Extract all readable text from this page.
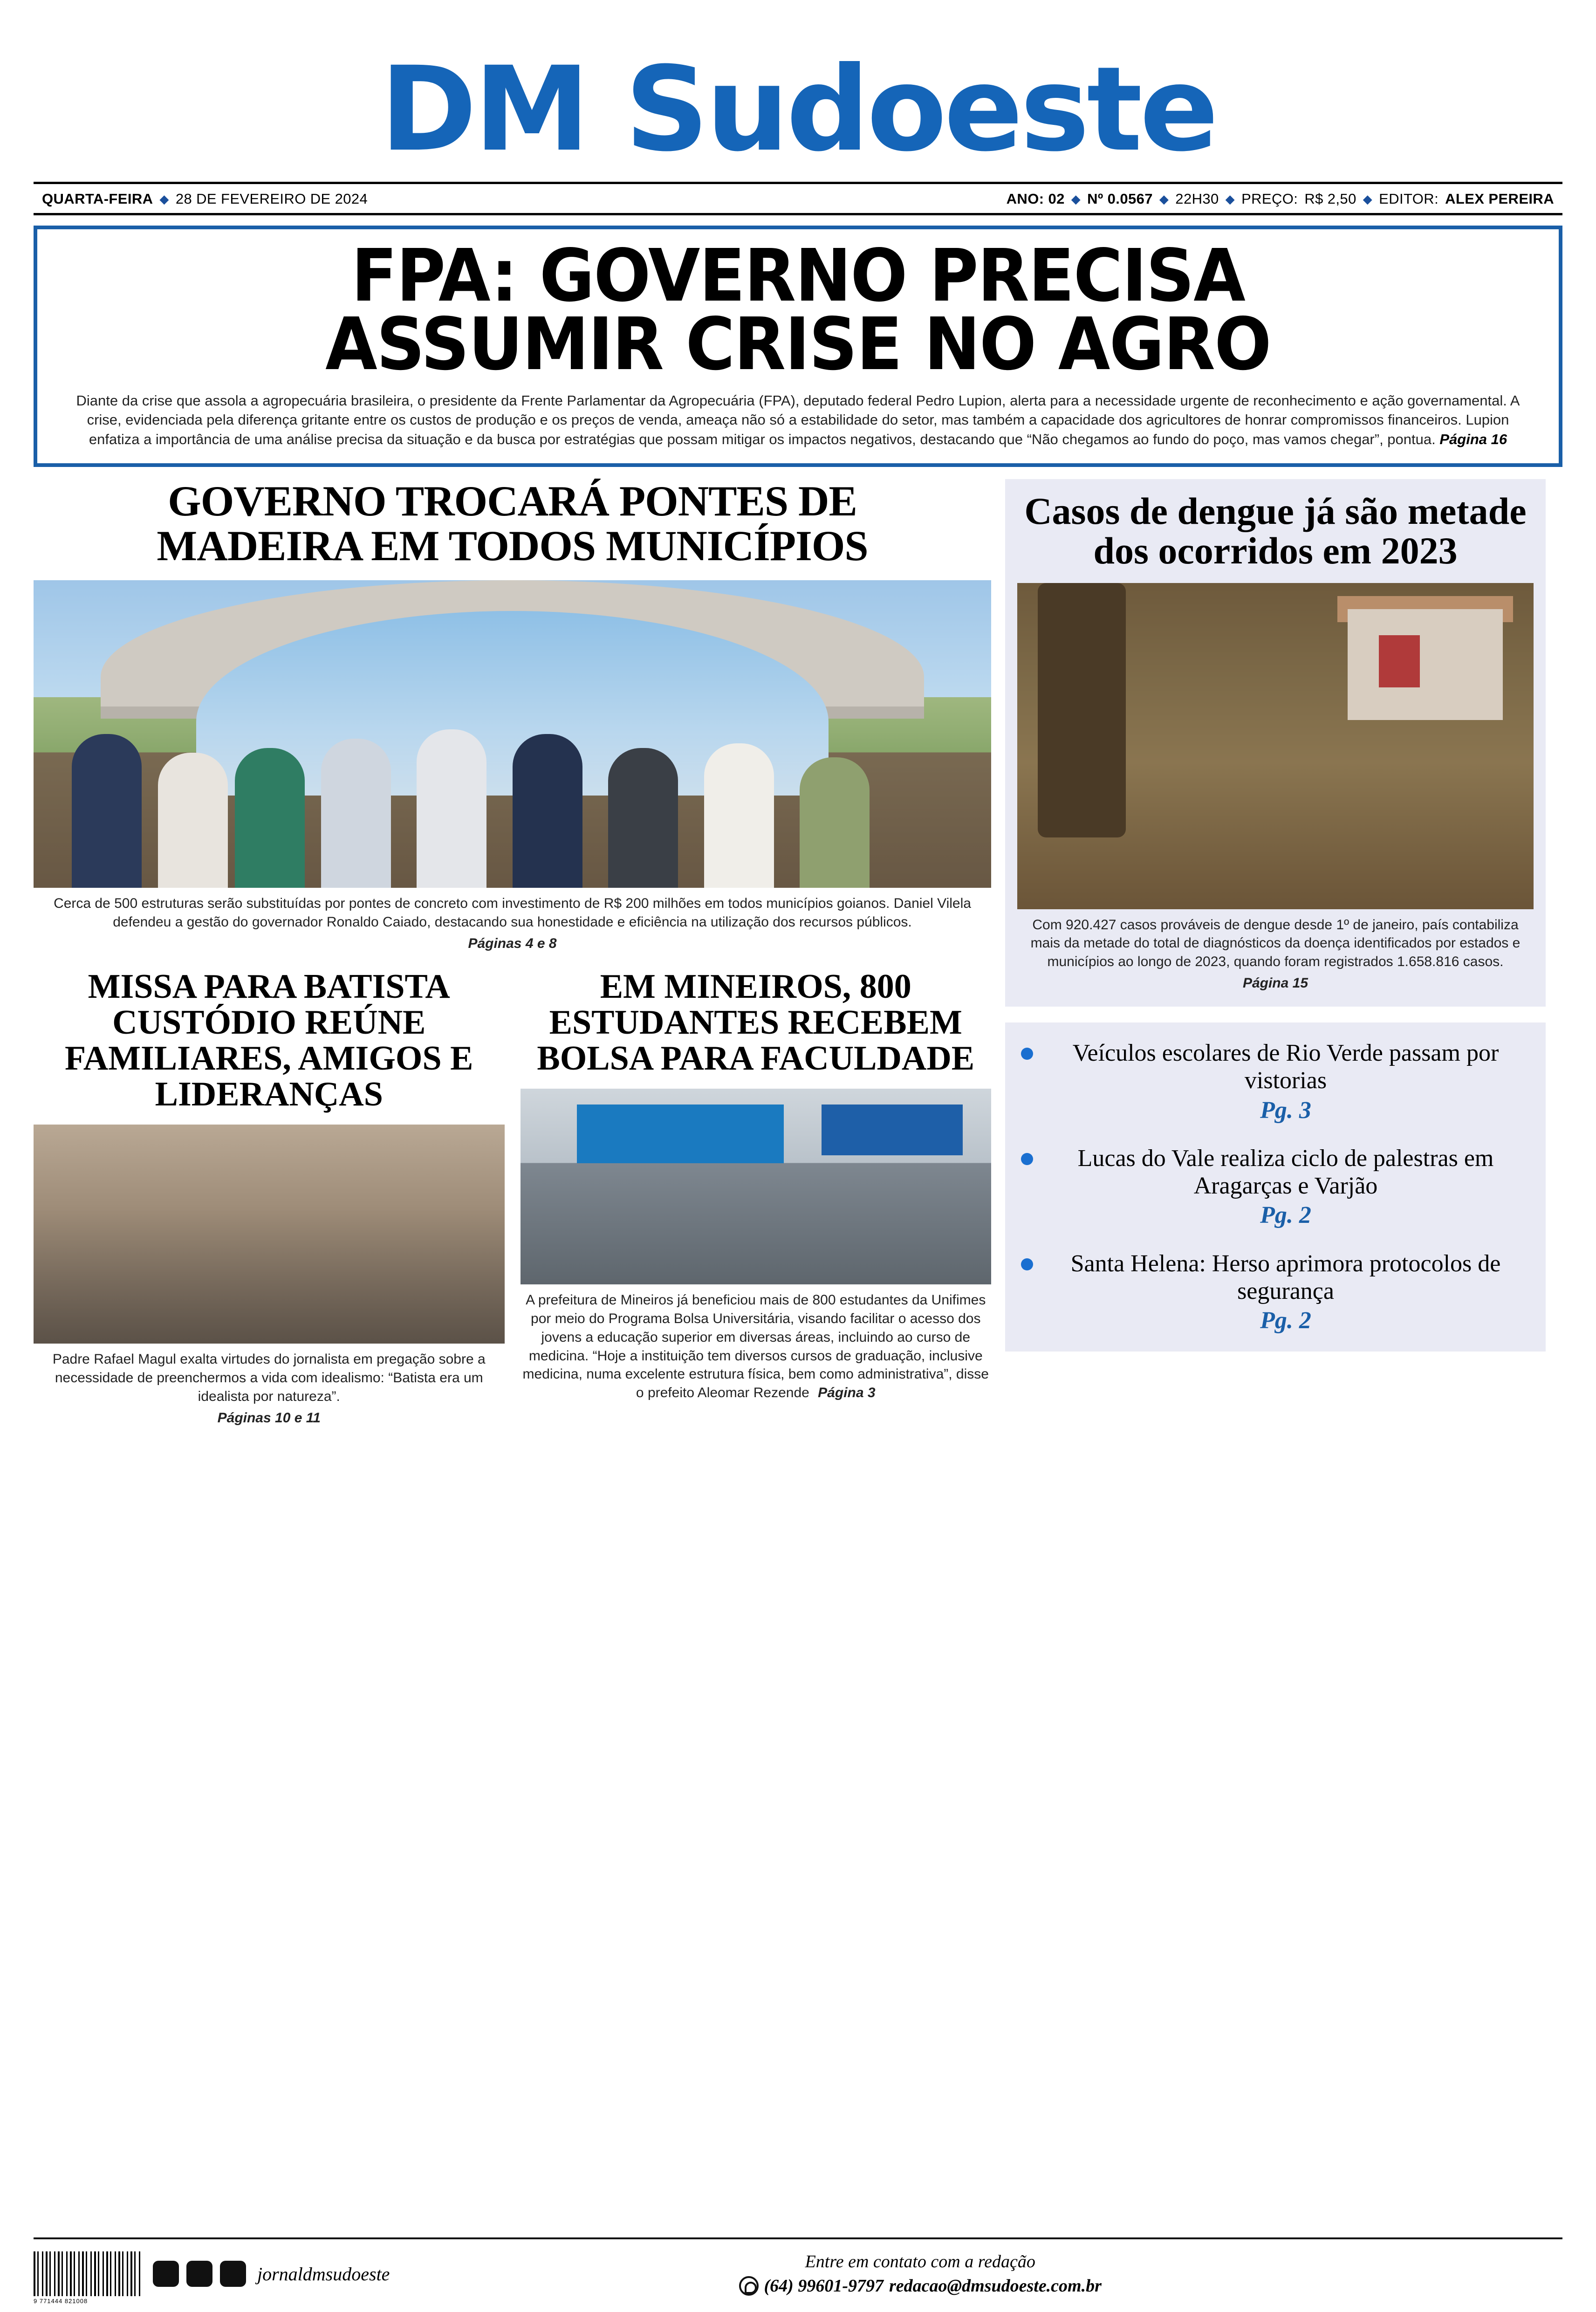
DM Sudoeste
QUARTA-FEIRA ◆ 28 DE FEVEREIRO DE 2024	ANO: 02 ◆ Nº 0.0567 ◆ 22H30 ◆ PREÇO: R$ 2,50 ◆ EDITOR: ALEX PEREIRA
FPA: GOVERNO PRECISA
ASSUMIR CRISE NO AGRO
Diante da crise que assola a agropecuária brasileira, o presidente da Frente Parlamentar da Agropecuária (FPA), deputado federal Pedro Lupion, alerta para a necessidade urgente de reconhecimento e ação governamental. A crise, evidenciada pela diferença gritante entre os custos de produção e os preços de venda, ameaça não só a estabilidade do setor, mas também a capacidade dos agricultores de honrar compromissos financeiros. Lupion enfatiza a importância de uma análise precisa da situação e da busca por estratégias que possam mitigar os impactos negativos, destacando que “Não chegamos ao fundo do poço, mas vamos chegar”, pontua. Página 16
GOVERNO TROCARÁ PONTES DE MADEIRA EM TODOS MUNICÍPIOS
Cerca de 500 estruturas serão substituídas por pontes de concreto com investimento de R$ 200 milhões em todos municípios goianos. Daniel Vilela defendeu a gestão do governador Ronaldo Caiado, destacando sua honestidade e eficiência na utilização dos recursos públicos.
Páginas 4 e 8
MISSA PARA BATISTA CUSTÓDIO REÚNE FAMILIARES, AMIGOS E LIDERANÇAS
Padre Rafael Magul exalta virtudes do jornalista em pregação sobre a necessidade de preenchermos a vida com idealismo: “Batista era um idealista por natureza”.
Páginas 10 e 11
EM MINEIROS, 800 ESTUDANTES RECEBEM BOLSA PARA FACULDADE
A prefeitura de Mineiros já beneficiou mais de 800 estudantes da Unifimes por meio do Programa Bolsa Universitária, visando facilitar o acesso dos jovens a educação superior em diversas áreas, incluindo ao curso de medicina. “Hoje a instituição tem diversos cursos de graduação, inclusive medicina, numa excelente estrutura física, bem como administrativa”, disse o prefeito Aleomar Rezende Página 3
Casos de dengue já são metade dos ocorridos em 2023
Com 920.427 casos prováveis de dengue desde 1º de janeiro, país contabiliza mais da metade do total de diagnósticos da doença identificados por estados e municípios ao longo de 2023, quando foram registrados 1.658.816 casos.
Página 15
Veículos escolares de Rio Verde passam por vistorias
Pg. 3
Lucas do Vale realiza ciclo de palestras em Aragarças e Varjão
Pg. 2
Santa Helena: Herso aprimora protocolos de segurança
Pg. 2
9 771444 821008
jornaldmsudoeste
Entre em contato com a redação
(64) 99601-9797 redacao@dmsudoeste.com.br
